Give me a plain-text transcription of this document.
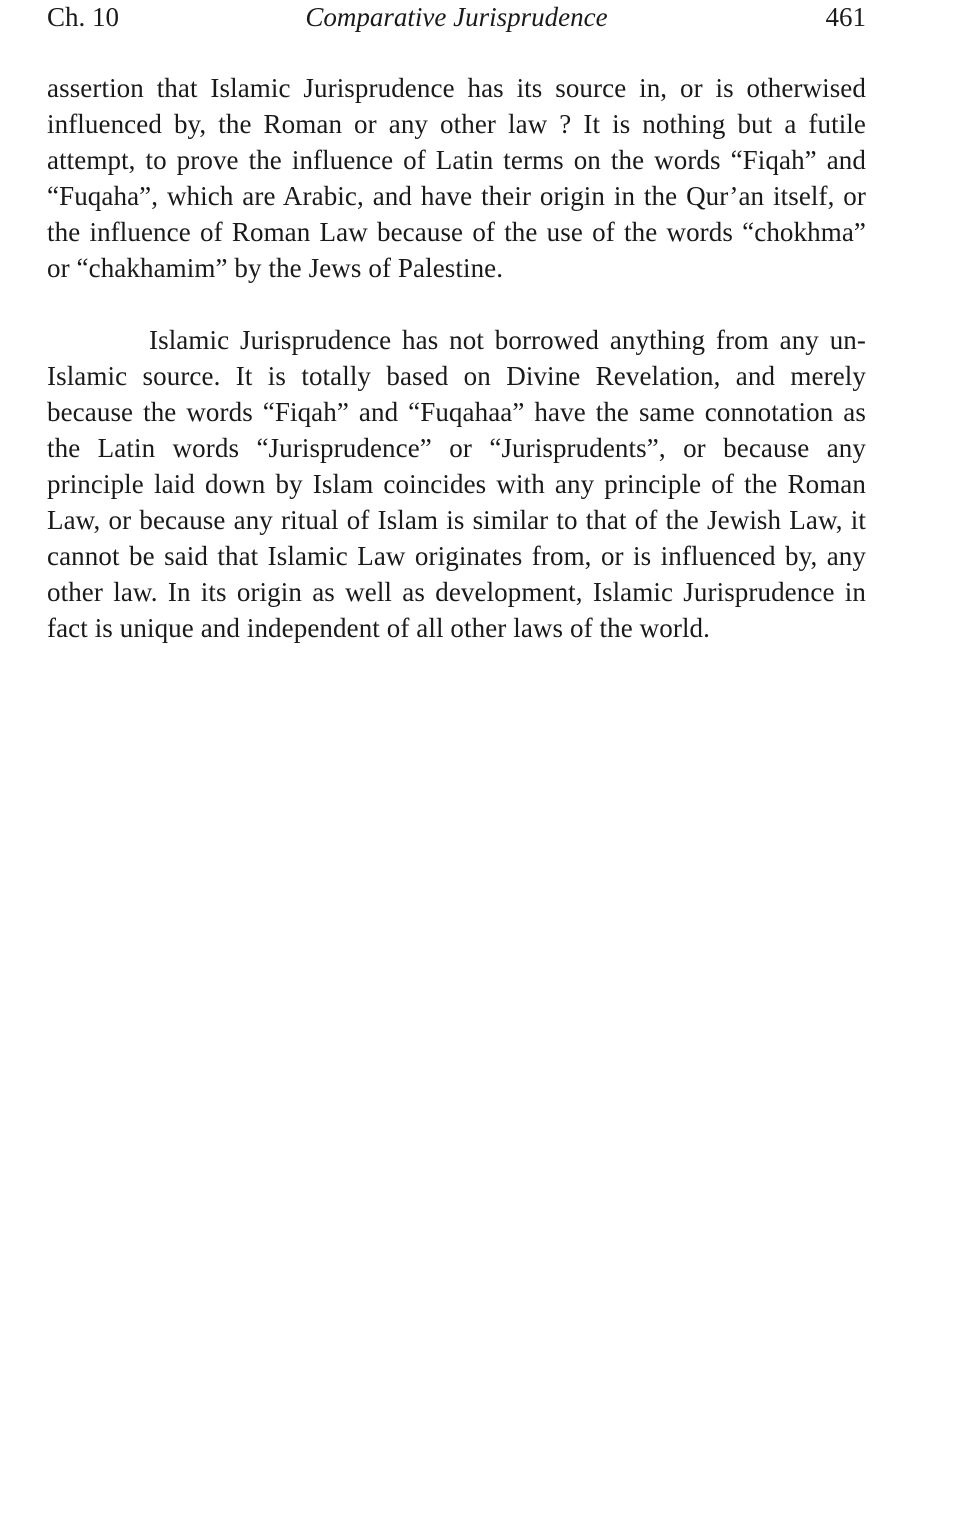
Ch. 10	Comparative Jurisprudence	461

assertion that Islamic Jurisprudence has its source in, or is otherwised influenced by, the Roman or any other law ? It is nothing but a futile attempt, to prove the influence of Latin terms on the words “Fiqah” and “Fuqaha”, which are Arabic, and have their origin in the Qur’an itself, or the influence of Roman Law because of the use of the words “chokhma” or “chakhamim” by the Jews of Palestine.

Islamic Jurisprudence has not borrowed anything from any un-Islamic source. It is totally based on Divine Revelation, and merely because the words “Fiqah” and “Fuqahaa” have the same connotation as the Latin words “Jurisprudence” or “Jurisprudents”, or because any principle laid down by Islam coincides with any principle of the Roman Law, or because any ritual of Islam is similar to that of the Jewish Law, it cannot be said that Islamic Law originates from, or is influenced by, any other law. In its origin as well as development, Islamic Jurisprudence in fact is unique and independent of all other laws of the world.
